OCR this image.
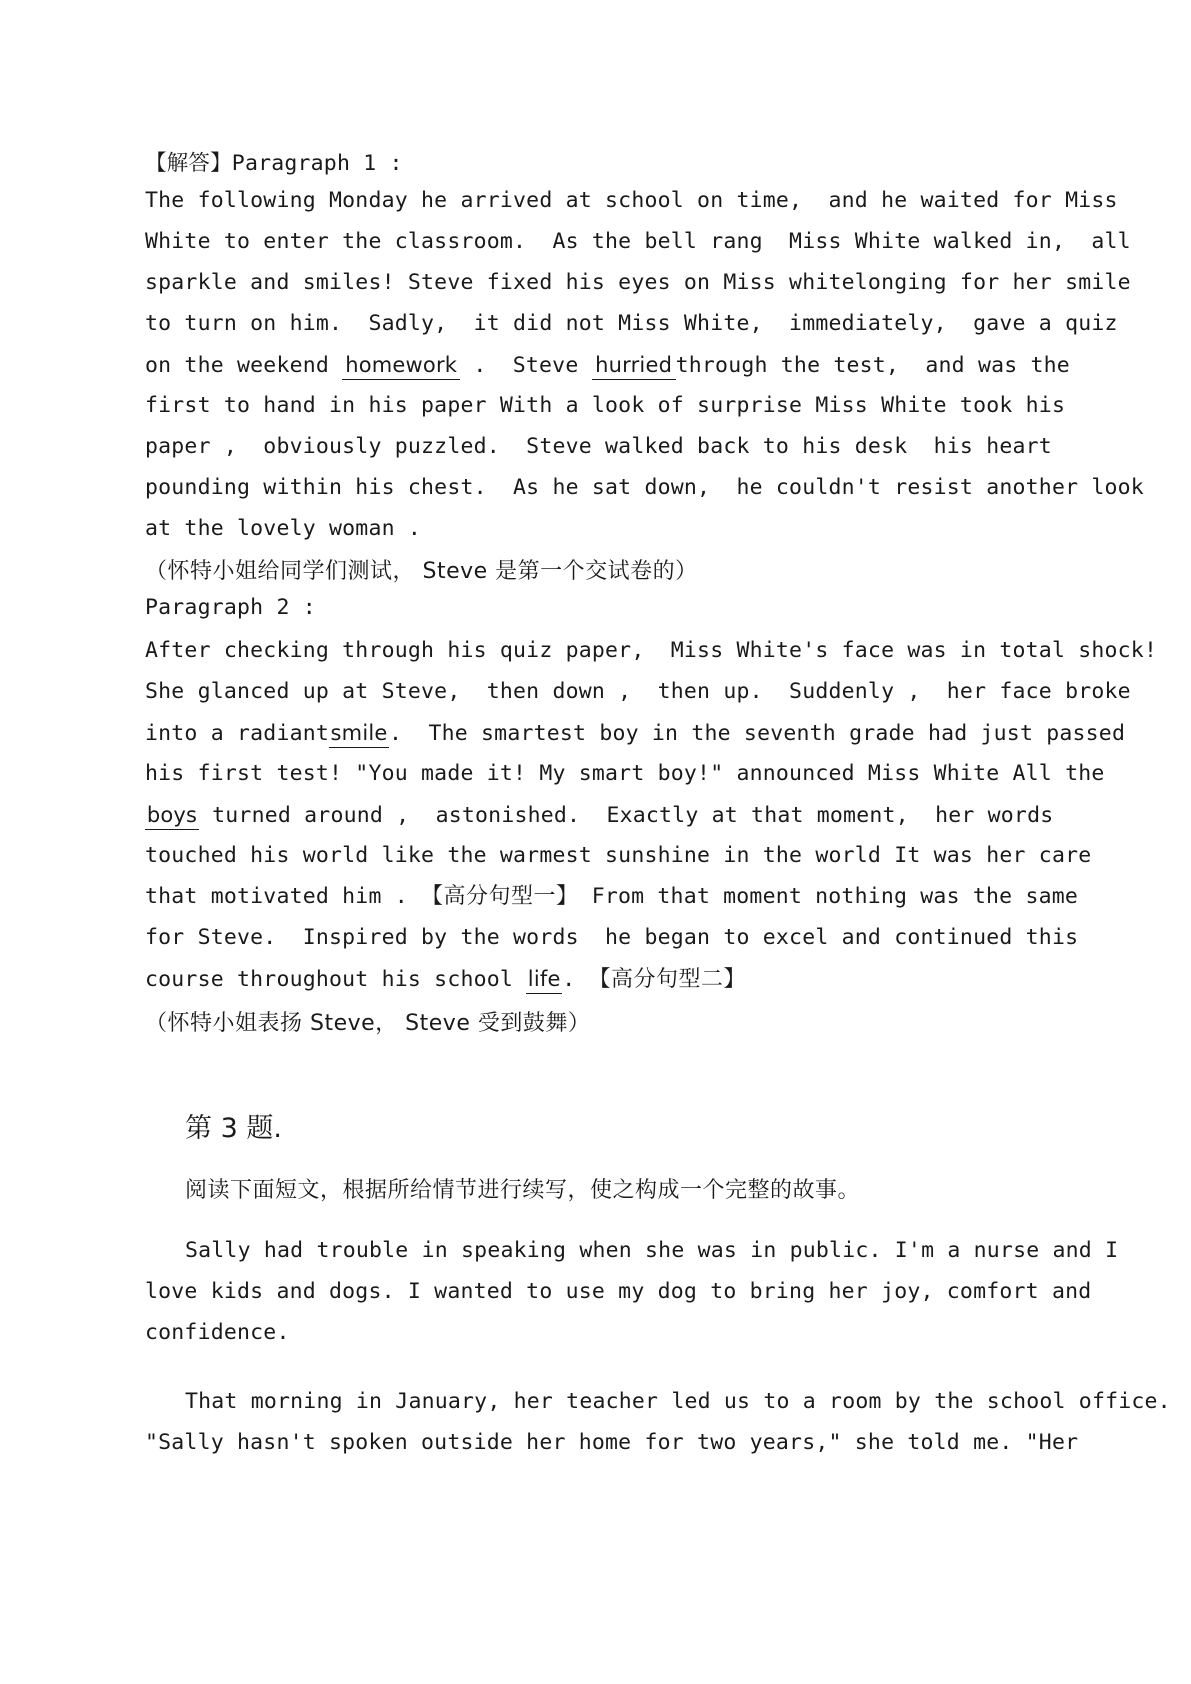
【解答】Paragraph 1 :
The following Monday he arrived at school on time,  and he waited for Miss
White to enter the classroom.  As the bell rang  Miss White walked in,  all
sparkle and smiles! Steve fixed his eyes on Miss whitelonging for her smile
to turn on him.  Sadly,  it did not Miss White,  immediately,  gave a quiz
on the weekend homework .  Steve hurried through the test,  and was the
first to hand in his paper With a look of surprise Miss White took his
paper ,  obviously puzzled.  Steve walked back to his desk  his heart
pounding within his chest.  As he sat down,  he couldn't resist another look
at the lovely woman .
（怀特小姐给同学们测试， Steve 是第一个交试卷的）
Paragraph 2 :
After checking through his quiz paper,  Miss White's face was in total shock!
She glanced up at Steve,  then down ,  then up.  Suddenly ,  her face broke
into a radiantsmile.  The smartest boy in the seventh grade had just passed
his first test! "You made it! My smart boy!" announced Miss White All the
boys turned around ,  astonished.  Exactly at that moment,  her words
touched his world like the warmest sunshine in the world It was her care
that motivated him . 【高分句型一】 From that moment nothing was the same
for Steve.  Inspired by the words  he began to excel and continued this
course throughout his school life. 【高分句型二】
（怀特小姐表扬 Steve， Steve 受到鼓舞）
第 3 题.
阅读下面短文，根据所给情节进行续写，使之构成一个完整的故事。
Sally had trouble in speaking when she was in public. I'm a nurse and I
love kids and dogs. I wanted to use my dog to bring her joy, comfort and
confidence.
That morning in January, her teacher led us to a room by the school office.
"Sally hasn't spoken outside her home for two years," she told me. "Her
